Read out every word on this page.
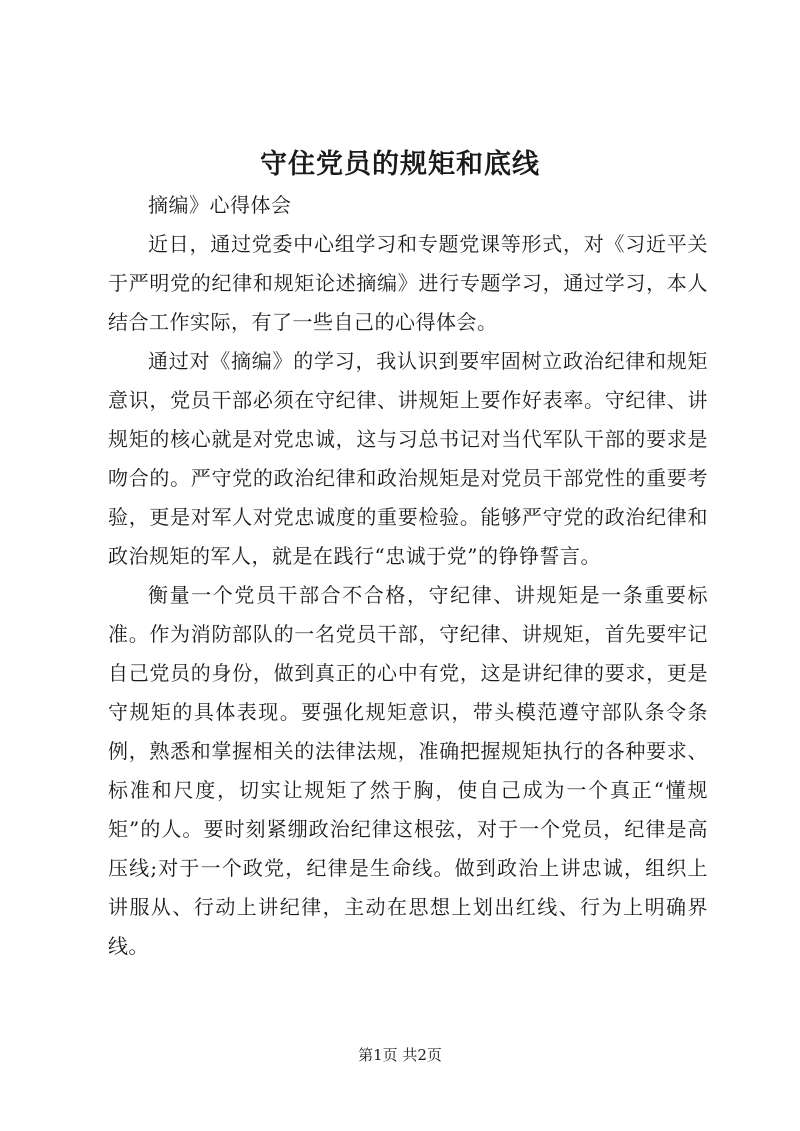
守住党员的规矩和底线

摘编》心得体会

近日，通过党委中心组学习和专题党课等形式，对《习近平关于严明党的纪律和规矩论述摘编》进行专题学习，通过学习，本人结合工作实际，有了一些自己的心得体会。

通过对《摘编》的学习，我认识到要牢固树立政治纪律和规矩意识，党员干部必须在守纪律、讲规矩上要作好表率。守纪律、讲规矩的核心就是对党忠诚，这与习总书记对当代军队干部的要求是吻合的。严守党的政治纪律和政治规矩是对党员干部党性的重要考验，更是对军人对党忠诚度的重要检验。能够严守党的政治纪律和政治规矩的军人，就是在践行“忠诚于党”的铮铮誓言。

衡量一个党员干部合不合格，守纪律、讲规矩是一条重要标准。作为消防部队的一名党员干部，守纪律、讲规矩，首先要牢记自己党员的身份，做到真正的心中有党，这是讲纪律的要求，更是守规矩的具体表现。要强化规矩意识，带头模范遵守部队条令条例，熟悉和掌握相关的法律法规，准确把握规矩执行的各种要求、标准和尺度，切实让规矩了然于胸，使自己成为一个真正“懂规矩”的人。要时刻紧绷政治纪律这根弦，对于一个党员，纪律是高压线;对于一个政党，纪律是生命线。做到政治上讲忠诚，组织上讲服从、行动上讲纪律，主动在思想上划出红线、行为上明确界线。

第1页 共2页
